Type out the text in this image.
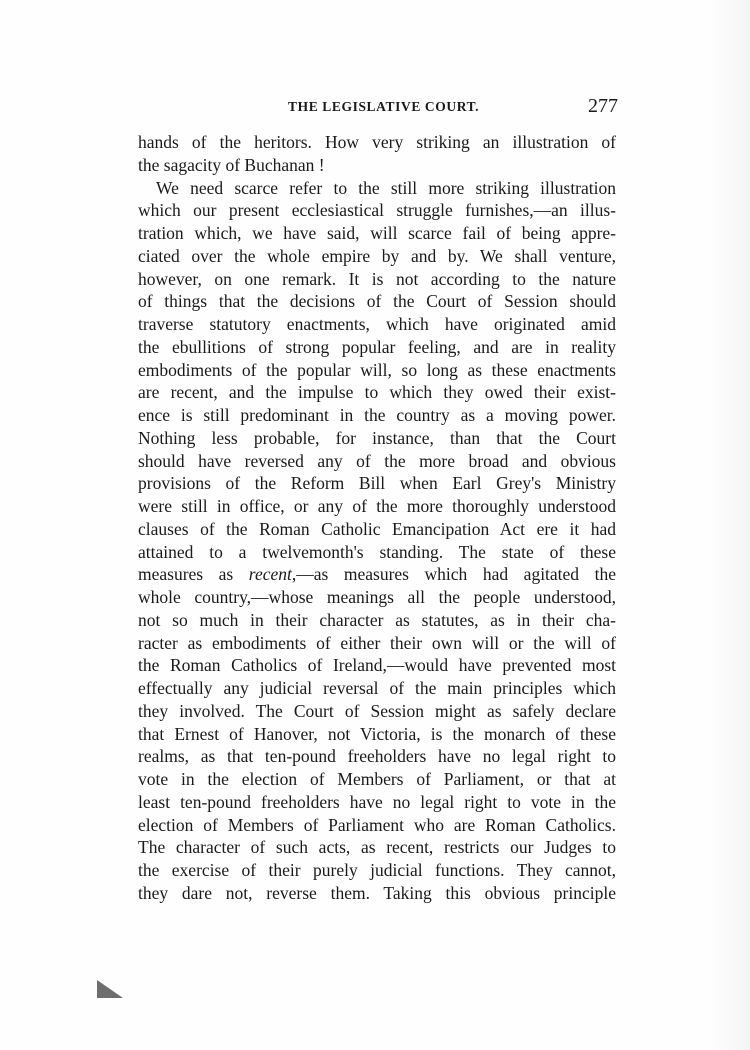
THE LEGISLATIVE COURT.	277
hands of the heritors. How very striking an illustration of
the sagacity of Buchanan !
We need scarce refer to the still more striking illustration
which our present ecclesiastical struggle furnishes,—an illus-
tration which, we have said, will scarce fail of being appre-
ciated over the whole empire by and by. We shall venture,
however, on one remark. It is not according to the nature
of things that the decisions of the Court of Session should
traverse statutory enactments, which have originated amid
the ebullitions of strong popular feeling, and are in reality
embodiments of the popular will, so long as these enactments
are recent, and the impulse to which they owed their exist-
ence is still predominant in the country as a moving power.
Nothing less probable, for instance, than that the Court
should have reversed any of the more broad and obvious
provisions of the Reform Bill when Earl Grey's Ministry
were still in office, or any of the more thoroughly understood
clauses of the Roman Catholic Emancipation Act ere it had
attained to a twelvemonth's standing. The state of these
measures as recent,—as measures which had agitated the
whole country,—whose meanings all the people understood,
not so much in their character as statutes, as in their cha-
racter as embodiments of either their own will or the will of
the Roman Catholics of Ireland,—would have prevented most
effectually any judicial reversal of the main principles which
they involved. The Court of Session might as safely declare
that Ernest of Hanover, not Victoria, is the monarch of these
realms, as that ten-pound freeholders have no legal right to
vote in the election of Members of Parliament, or that at
least ten-pound freeholders have no legal right to vote in the
election of Members of Parliament who are Roman Catholics.
The character of such acts, as recent, restricts our Judges to
the exercise of their purely judicial functions. They cannot,
they dare not, reverse them. Taking this obvious principle
